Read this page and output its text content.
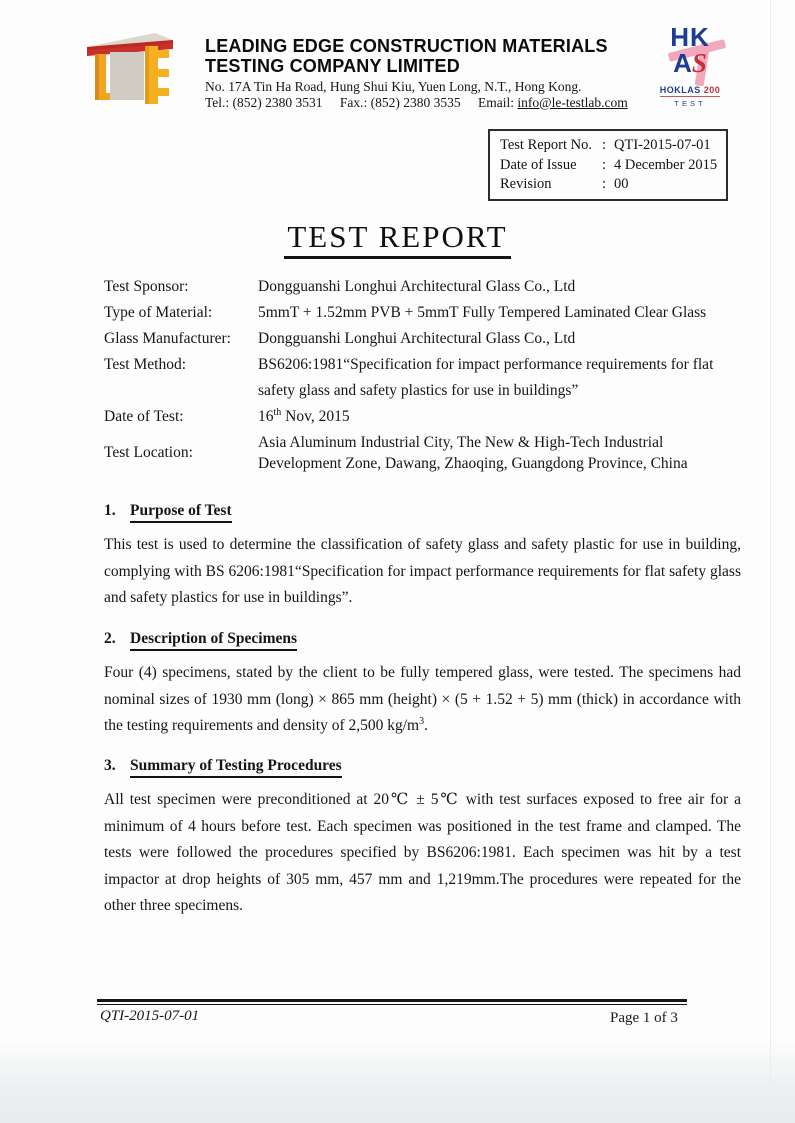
LEADING EDGE CONSTRUCTION MATERIALS
TESTING COMPANY LIMITED
No. 17A Tin Ha Road, Hung Shui Kiu, Yuen Long, N.T., Hong Kong.
Tel.: (852) 2380 3531 Fax.: (852) 2380 3535 Email: info@le-testlab.com
HK
AS
HOKLAS 200
TEST
Test Report No. : QTI-2015-07-01
Date of Issue	: 4 December 2015
Revision	: 00
TEST REPORT
Test Sponsor:	Dongguanshi Longhui Architectural Glass Co., Ltd
Type of Material:	5mmT + 1.52mm PVB + 5mmT Fully Tempered Laminated Clear Glass
Glass Manufacturer:	Dongguanshi Longhui Architectural Glass Co., Ltd
Test Method:	BS6206:1981“Specification for impact performance requirements for flat
safety glass and safety plastics for use in buildings”
Date of Test:	16th Nov, 2015
Test Location:
Asia Aluminum Industrial City, The New & High-Tech Industrial
Development Zone, Dawang, Zhaoqing, Guangdong Province, China
1. Purpose of Test
This test is used to determine the classification of safety glass and safety plastic for use in building, complying with BS 6206:1981“Specification for impact performance requirements for flat safety glass and safety plastics for use in buildings”.
2. Description of Specimens
Four (4) specimens, stated by the client to be fully tempered glass, were tested. The specimens had nominal sizes of 1930 mm (long) × 865 mm (height) × (5 + 1.52 + 5) mm (thick) in accordance with the testing requirements and density of 2,500 $kg/m^3$.
3. Summary of Testing Procedures
All test specimen were preconditioned at 20℃ ± 5℃ with test surfaces exposed to free air for a minimum of 4 hours before test. Each specimen was positioned in the test frame and clamped. The tests were followed the procedures specified by BS6206:1981. Each specimen was hit by a test impactor at drop heights of 305 mm, 457 mm and 1,219mm.The procedures were repeated for the other three specimens.
QTI-2015-07-01	Page 1 of 3
